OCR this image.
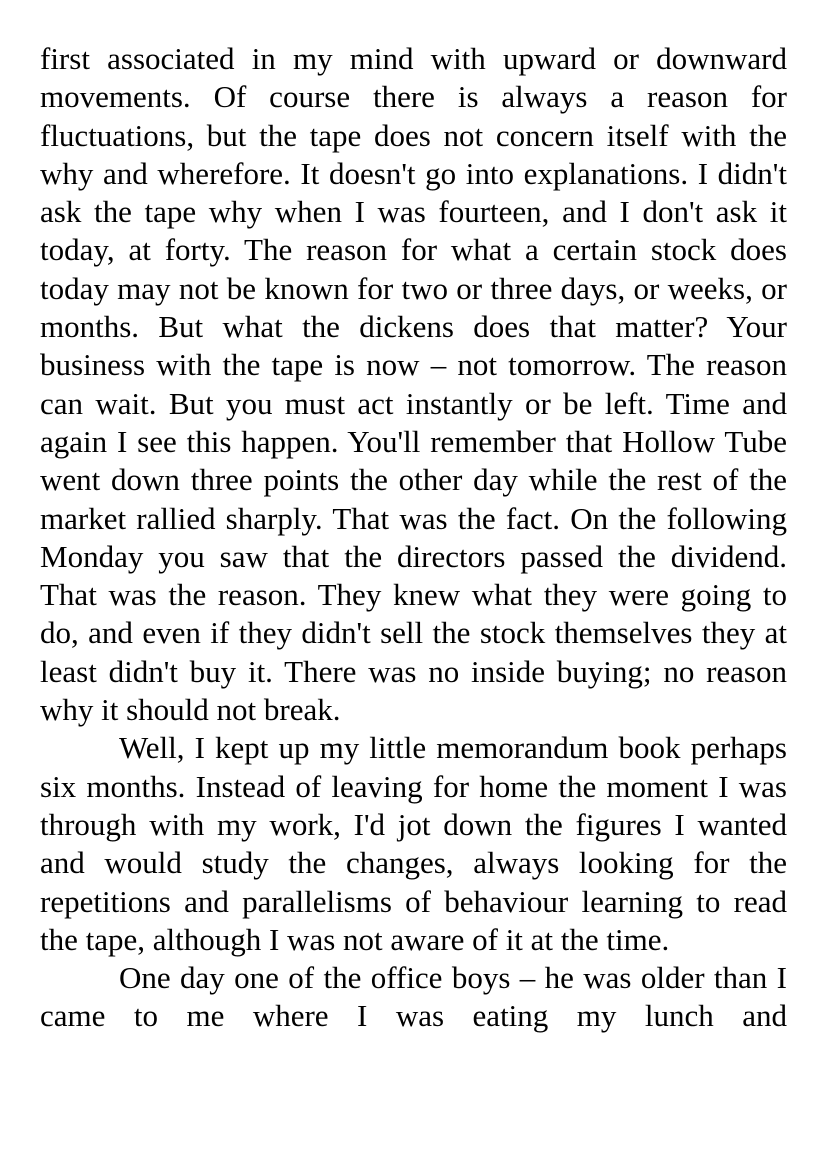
first associated in my mind with upward or downward movements. Of course there is always a reason for fluctuations, but the tape does not concern itself with the why and wherefore. It doesn't go into explanations. I didn't ask the tape why when I was fourteen, and I don't ask it today, at forty. The reason for what a certain stock does today may not be known for two or three days, or weeks, or months. But what the dickens does that matter? Your business with the tape is now – not tomorrow. The reason can wait. But you must act instantly or be left. Time and again I see this happen. You'll remember that Hollow Tube went down three points the other day while the rest of the market rallied sharply. That was the fact. On the following Monday you saw that the directors passed the dividend. That was the reason. They knew what they were going to do, and even if they didn't sell the stock themselves they at least didn't buy it. There was no inside buying; no reason why it should not break.

Well, I kept up my little memorandum book perhaps six months. Instead of leaving for home the moment I was through with my work, I'd jot down the figures I wanted and would study the changes, always looking for the repetitions and parallelisms of behaviour learning to read the tape, although I was not aware of it at the time.

One day one of the office boys – he was older than I came to me where I was eating my lunch and
